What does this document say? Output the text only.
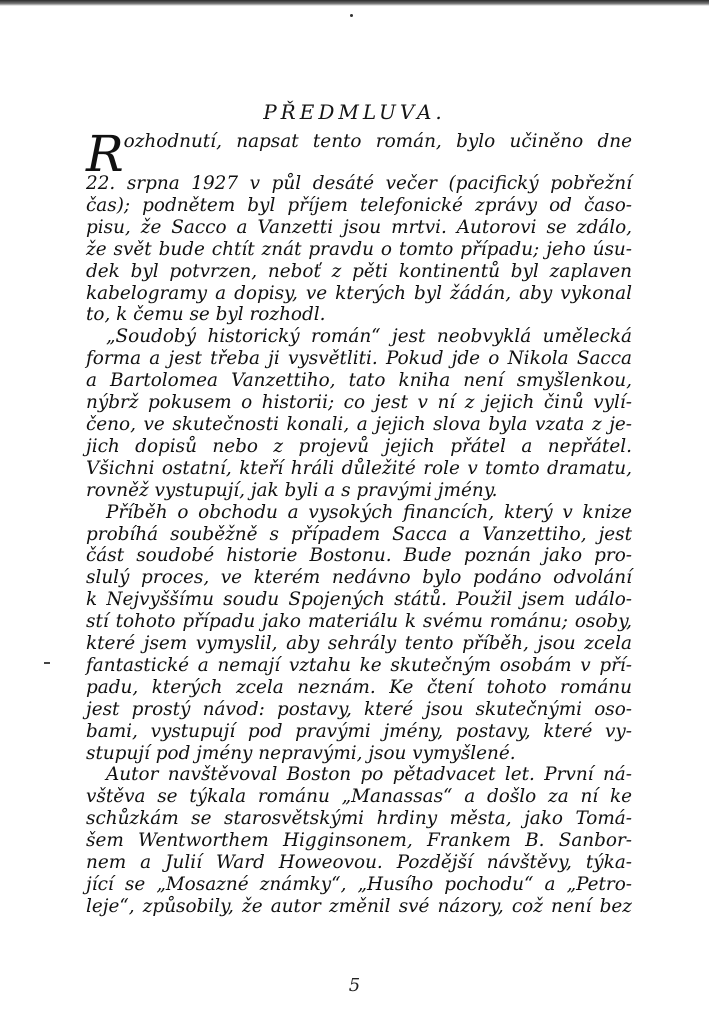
PŘEDMLUVA.
R ozhodnutí, napsat tento román, bylo učiněno dne
22. srpna 1927 v půl desáté večer (pacifický pobřežní
čas); podnětem byl příjem telefonické zprávy od časo-
pisu, že Sacco a Vanzetti jsou mrtvi. Autorovi se zdálo,
že svět bude chtít znát pravdu o tomto případu; jeho úsu-
dek byl potvrzen, neboť z pěti kontinentů byl zaplaven
kabelogramy a dopisy, ve kterých byl žádán, aby vykonal
to, k čemu se byl rozhodl.
„Soudobý historický román“ jest neobvyklá umělecká
forma a jest třeba ji vysvětliti. Pokud jde o Nikola Sacca
a Bartolomea Vanzettiho, tato kniha není smyšlenkou,
nýbrž pokusem o historii; co jest v ní z jejich činů vylí-
čeno, ve skutečnosti konali, a jejich slova byla vzata z je-
jich dopisů nebo z projevů jejich přátel a nepřátel.
Všichni ostatní, kteří hráli důležité role v tomto dramatu,
rovněž vystupují, jak byli a s pravými jmény.
Příběh o obchodu a vysokých financích, který v knize
probíhá souběžně s případem Sacca a Vanzettiho, jest
část soudobé historie Bostonu. Bude poznán jako pro-
slulý proces, ve kterém nedávno bylo podáno odvolání
k Nejvyššímu soudu Spojených států. Použil jsem událo-
stí tohoto případu jako materiálu k svému románu; osoby,
které jsem vymyslil, aby sehrály tento příběh, jsou zcela
fantastické a nemají vztahu ke skutečným osobám v pří-
padu, kterých zcela neznám. Ke čtení tohoto románu
jest prostý návod: postavy, které jsou skutečnými oso-
bami, vystupují pod pravými jmény, postavy, které vy-
stupují pod jmény nepravými, jsou vymyšlené.
Autor navštěvoval Boston po pětadvacet let. První ná-
vštěva se týkala románu „Manassas“ a došlo za ní ke
schůzkám se starosvětskými hrdiny města, jako Tomá-
šem Wentworthem Higginsonem, Frankem B. Sanbor-
nem a Julií Ward Howeovou. Pozdější návštěvy, týka-
jící se „Mosazné známky“, „Husího pochodu“ a „Petro-
leje“, způsobily, že autor změnil své názory, což není bez
5
